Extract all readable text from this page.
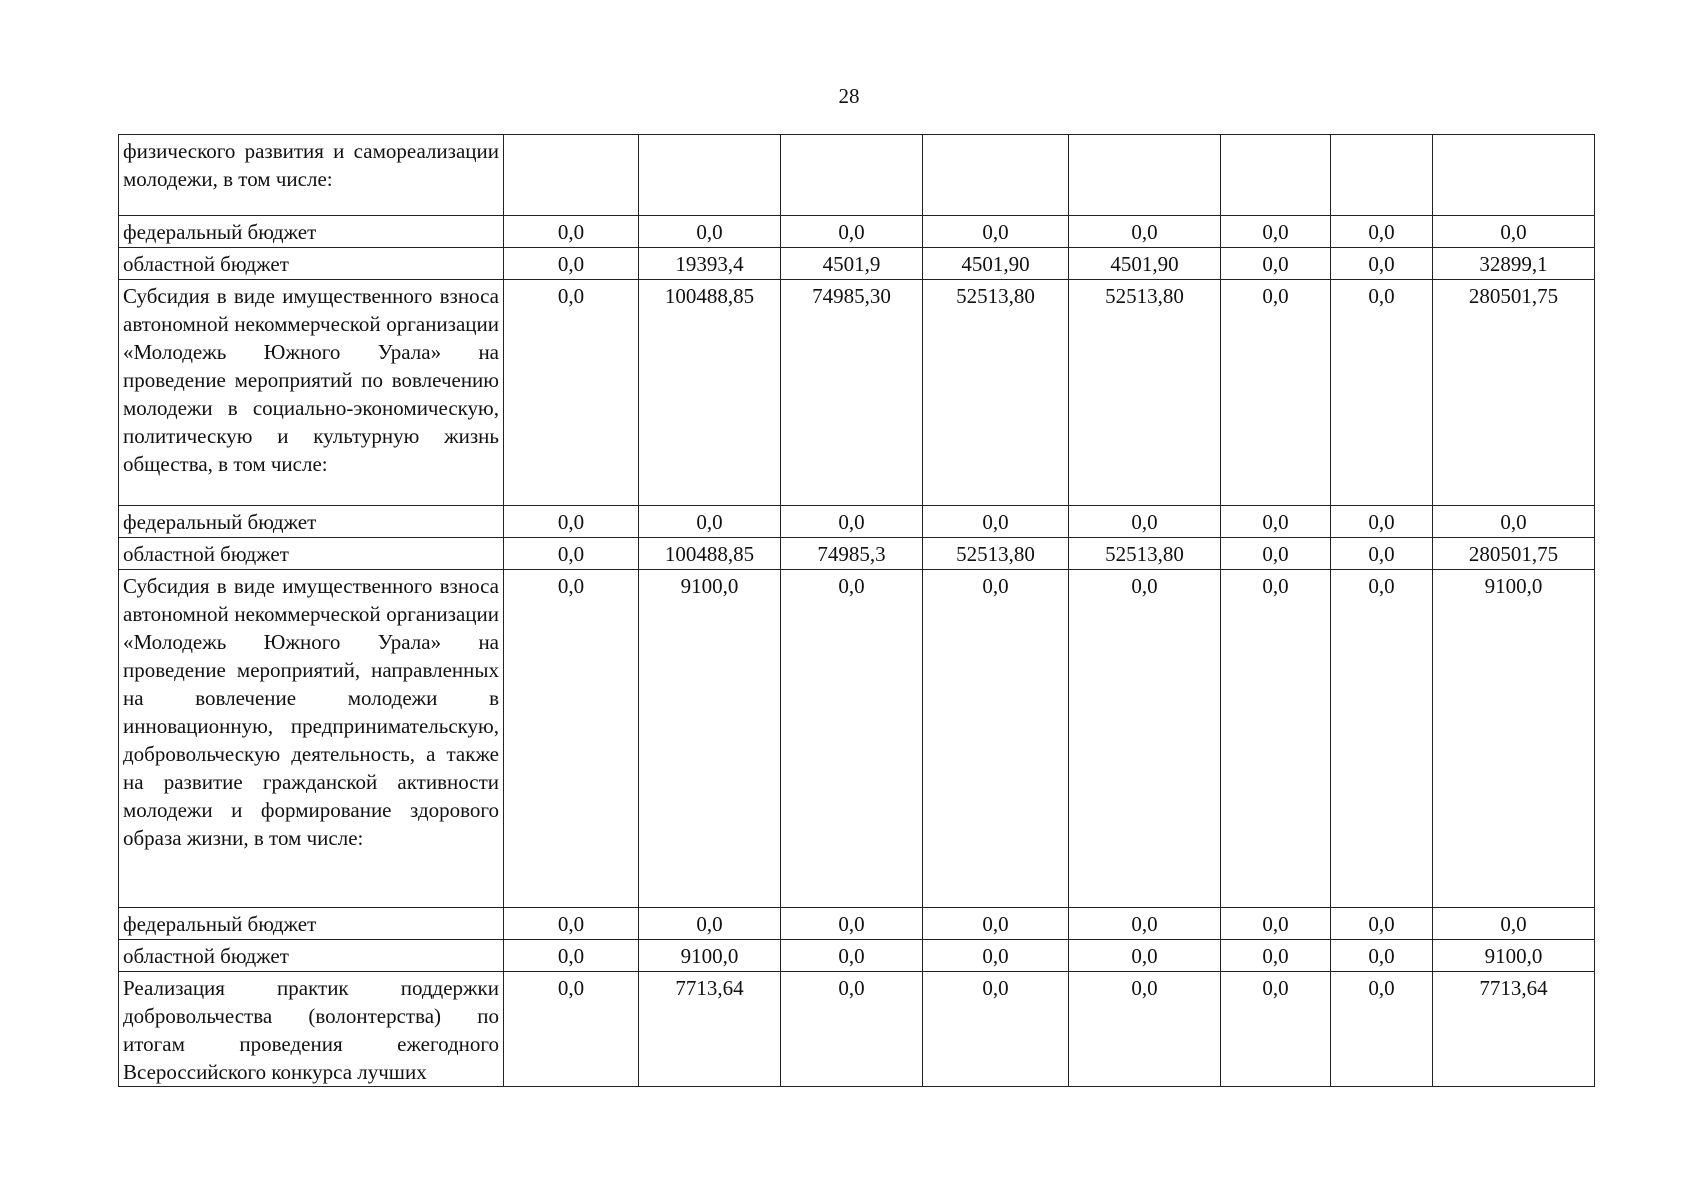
28
физического развития и самореализации молодежи, в том числе:								
федеральный бюджет	0,0	0,0	0,0	0,0	0,0	0,0	0,0	0,0
областной бюджет	0,0	19393,4	4501,9	4501,90	4501,90	0,0	0,0	32899,1
Субсидия в виде имущественного взноса автономной некоммерческой организации «Молодежь Южного Урала» на проведение мероприятий по вовлечению молодежи в социально-экономическую, политическую и культурную жизнь общества, в том числе:	0,0	100488,85	74985,30	52513,80	52513,80	0,0	0,0	280501,75
федеральный бюджет	0,0	0,0	0,0	0,0	0,0	0,0	0,0	0,0
областной бюджет	0,0	100488,85	74985,3	52513,80	52513,80	0,0	0,0	280501,75
Субсидия в виде имущественного взноса автономной некоммерческой организации «Молодежь Южного Урала» на проведение мероприятий, направленных на вовлечение молодежи в инновационную, предпринимательскую, добровольческую деятельность, а также на развитие гражданской активности молодежи и формирование здорового образа жизни, в том числе:	0,0	9100,0	0,0	0,0	0,0	0,0	0,0	9100,0
федеральный бюджет	0,0	0,0	0,0	0,0	0,0	0,0	0,0	0,0
областной бюджет	0,0	9100,0	0,0	0,0	0,0	0,0	0,0	9100,0
Реализация практик поддержки добровольчества (волонтерства) по итогам проведения ежегодного Всероссийского конкурса лучших	0,0	7713,64	0,0	0,0	0,0	0,0	0,0	7713,64
